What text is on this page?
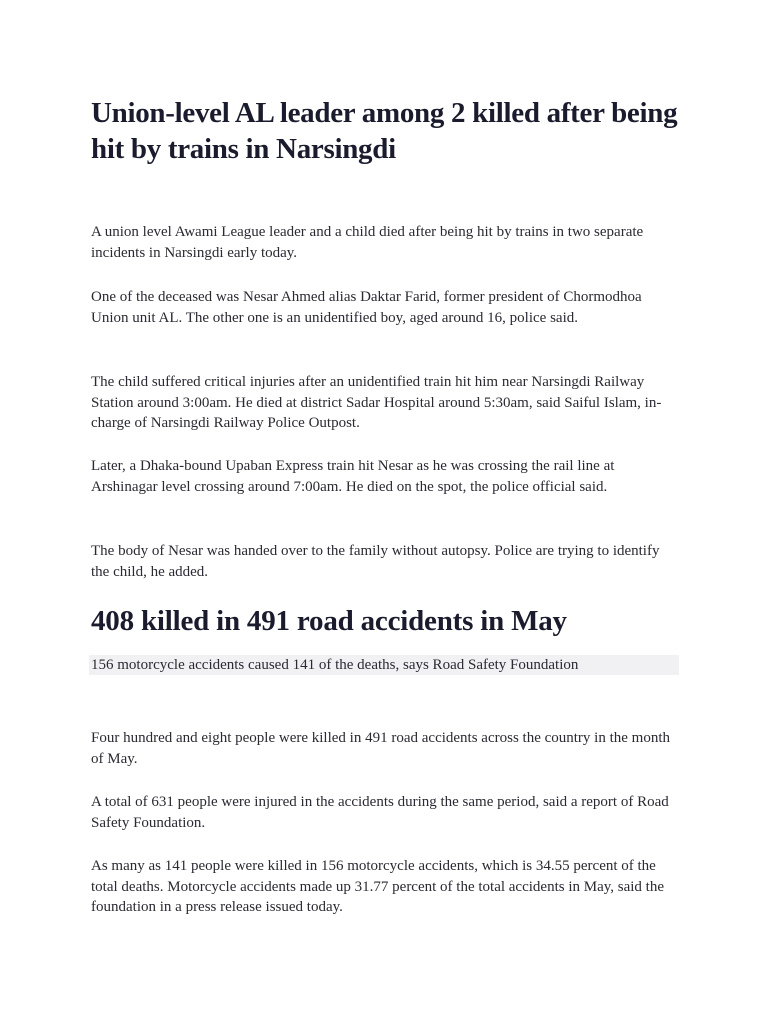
Union-level AL leader among 2 killed after being hit by trains in Narsingdi

A union level Awami League leader and a child died after being hit by trains in two separate incidents in Narsingdi early today.

One of the deceased was Nesar Ahmed alias Daktar Farid, former president of Chormodhoa Union unit AL. The other one is an unidentified boy, aged around 16, police said.

The child suffered critical injuries after an unidentified train hit him near Narsingdi Railway Station around 3:00am. He died at district Sadar Hospital around 5:30am, said Saiful Islam, in-charge of Narsingdi Railway Police Outpost.

Later, a Dhaka-bound Upaban Express train hit Nesar as he was crossing the rail line at Arshinagar level crossing around 7:00am. He died on the spot, the police official said.

The body of Nesar was handed over to the family without autopsy. Police are trying to identify the child, he added.

408 killed in 491 road accidents in May
156 motorcycle accidents caused 141 of the deaths, says Road Safety Foundation

Four hundred and eight people were killed in 491 road accidents across the country in the month of May.

A total of 631 people were injured in the accidents during the same period, said a report of Road Safety Foundation.

As many as 141 people were killed in 156 motorcycle accidents, which is 34.55 percent of the total deaths. Motorcycle accidents made up 31.77 percent of the total accidents in May, said the foundation in a press release issued today.
